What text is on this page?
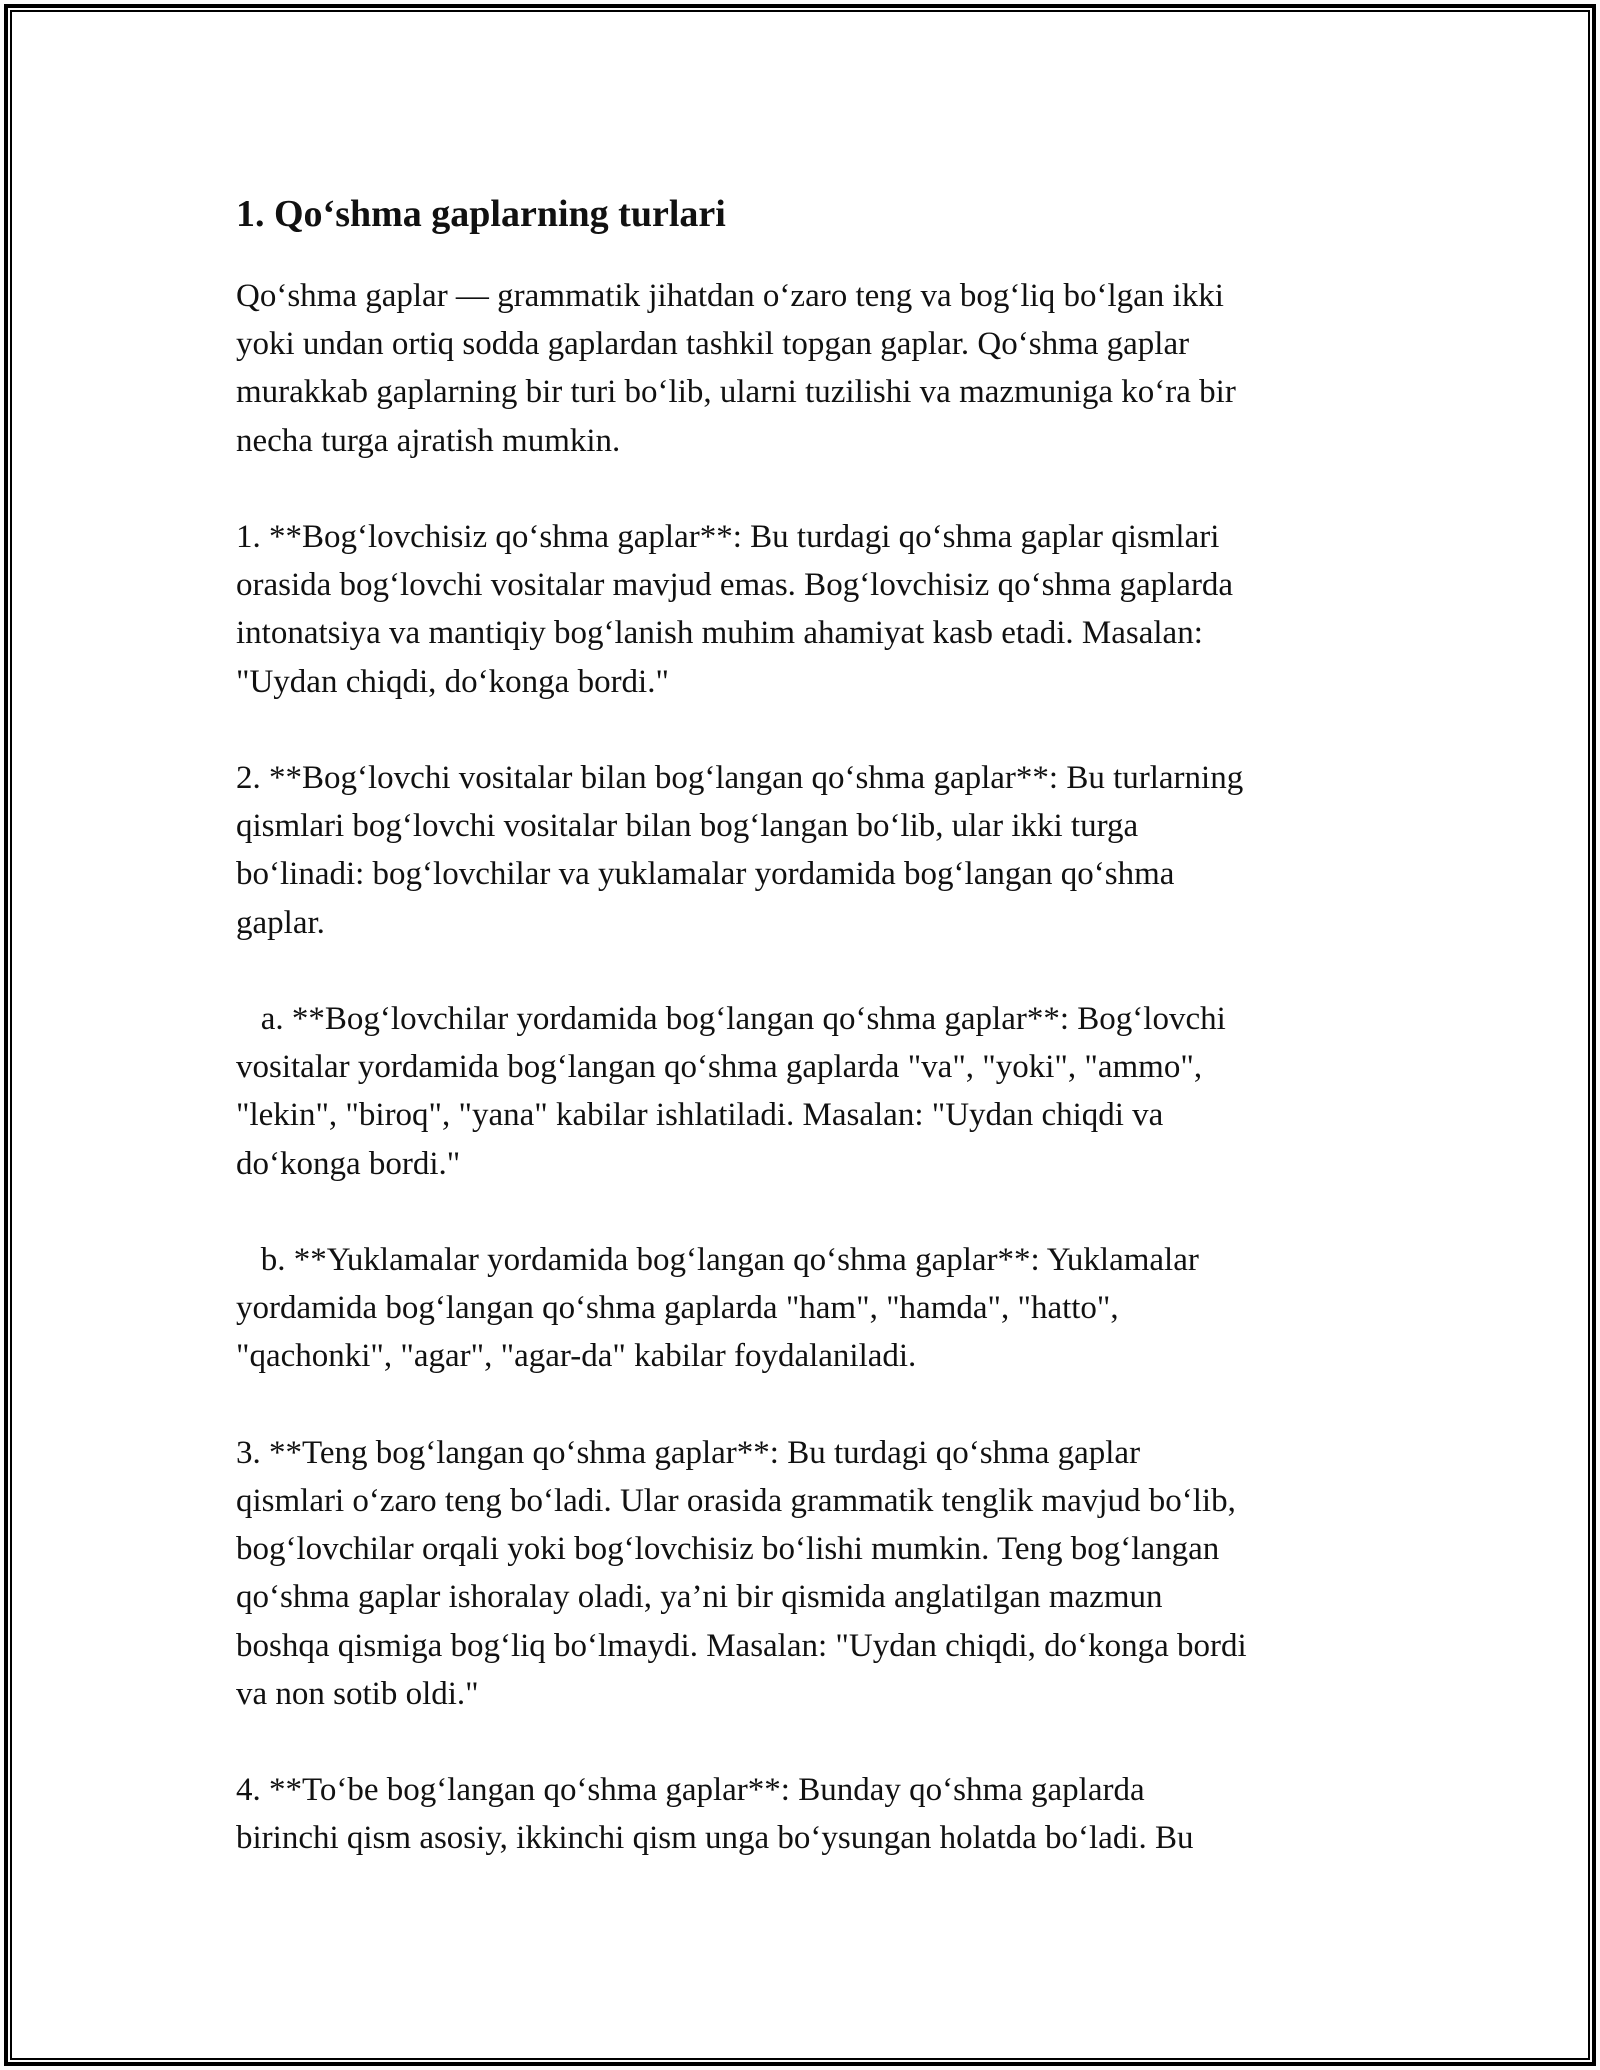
1. Qo‘shma gaplarning turlari
Qo‘shma gaplar — grammatik jihatdan o‘zaro teng va bog‘liq bo‘lgan ikki
yoki undan ortiq sodda gaplardan tashkil topgan gaplar. Qo‘shma gaplar
murakkab gaplarning bir turi bo‘lib, ularni tuzilishi va mazmuniga ko‘ra bir
necha turga ajratish mumkin.
1. **Bog‘lovchisiz qo‘shma gaplar**: Bu turdagi qo‘shma gaplar qismlari
orasida bog‘lovchi vositalar mavjud emas. Bog‘lovchisiz qo‘shma gaplarda
intonatsiya va mantiqiy bog‘lanish muhim ahamiyat kasb etadi. Masalan:
"Uydan chiqdi, do‘konga bordi."
2. **Bog‘lovchi vositalar bilan bog‘langan qo‘shma gaplar**: Bu turlarning
qismlari bog‘lovchi vositalar bilan bog‘langan bo‘lib, ular ikki turga
bo‘linadi: bog‘lovchilar va yuklamalar yordamida bog‘langan qo‘shma
gaplar.
a. **Bog‘lovchilar yordamida bog‘langan qo‘shma gaplar**: Bog‘lovchi
vositalar yordamida bog‘langan qo‘shma gaplarda "va", "yoki", "ammo",
"lekin", "biroq", "yana" kabilar ishlatiladi. Masalan: "Uydan chiqdi va
do‘konga bordi."
b. **Yuklamalar yordamida bog‘langan qo‘shma gaplar**: Yuklamalar
yordamida bog‘langan qo‘shma gaplarda "ham", "hamda", "hatto",
"qachonki", "agar", "agar-da" kabilar foydalaniladi.
3. **Teng bog‘langan qo‘shma gaplar**: Bu turdagi qo‘shma gaplar
qismlari o‘zaro teng bo‘ladi. Ular orasida grammatik tenglik mavjud bo‘lib,
bog‘lovchilar orqali yoki bog‘lovchisiz bo‘lishi mumkin. Teng bog‘langan
qo‘shma gaplar ishoralay oladi, ya’ni bir qismida anglatilgan mazmun
boshqa qismiga bog‘liq bo‘lmaydi. Masalan: "Uydan chiqdi, do‘konga bordi
va non sotib oldi."
4. **To‘be bog‘langan qo‘shma gaplar**: Bunday qo‘shma gaplarda
birinchi qism asosiy, ikkinchi qism unga bo‘ysungan holatda bo‘ladi. Bu
